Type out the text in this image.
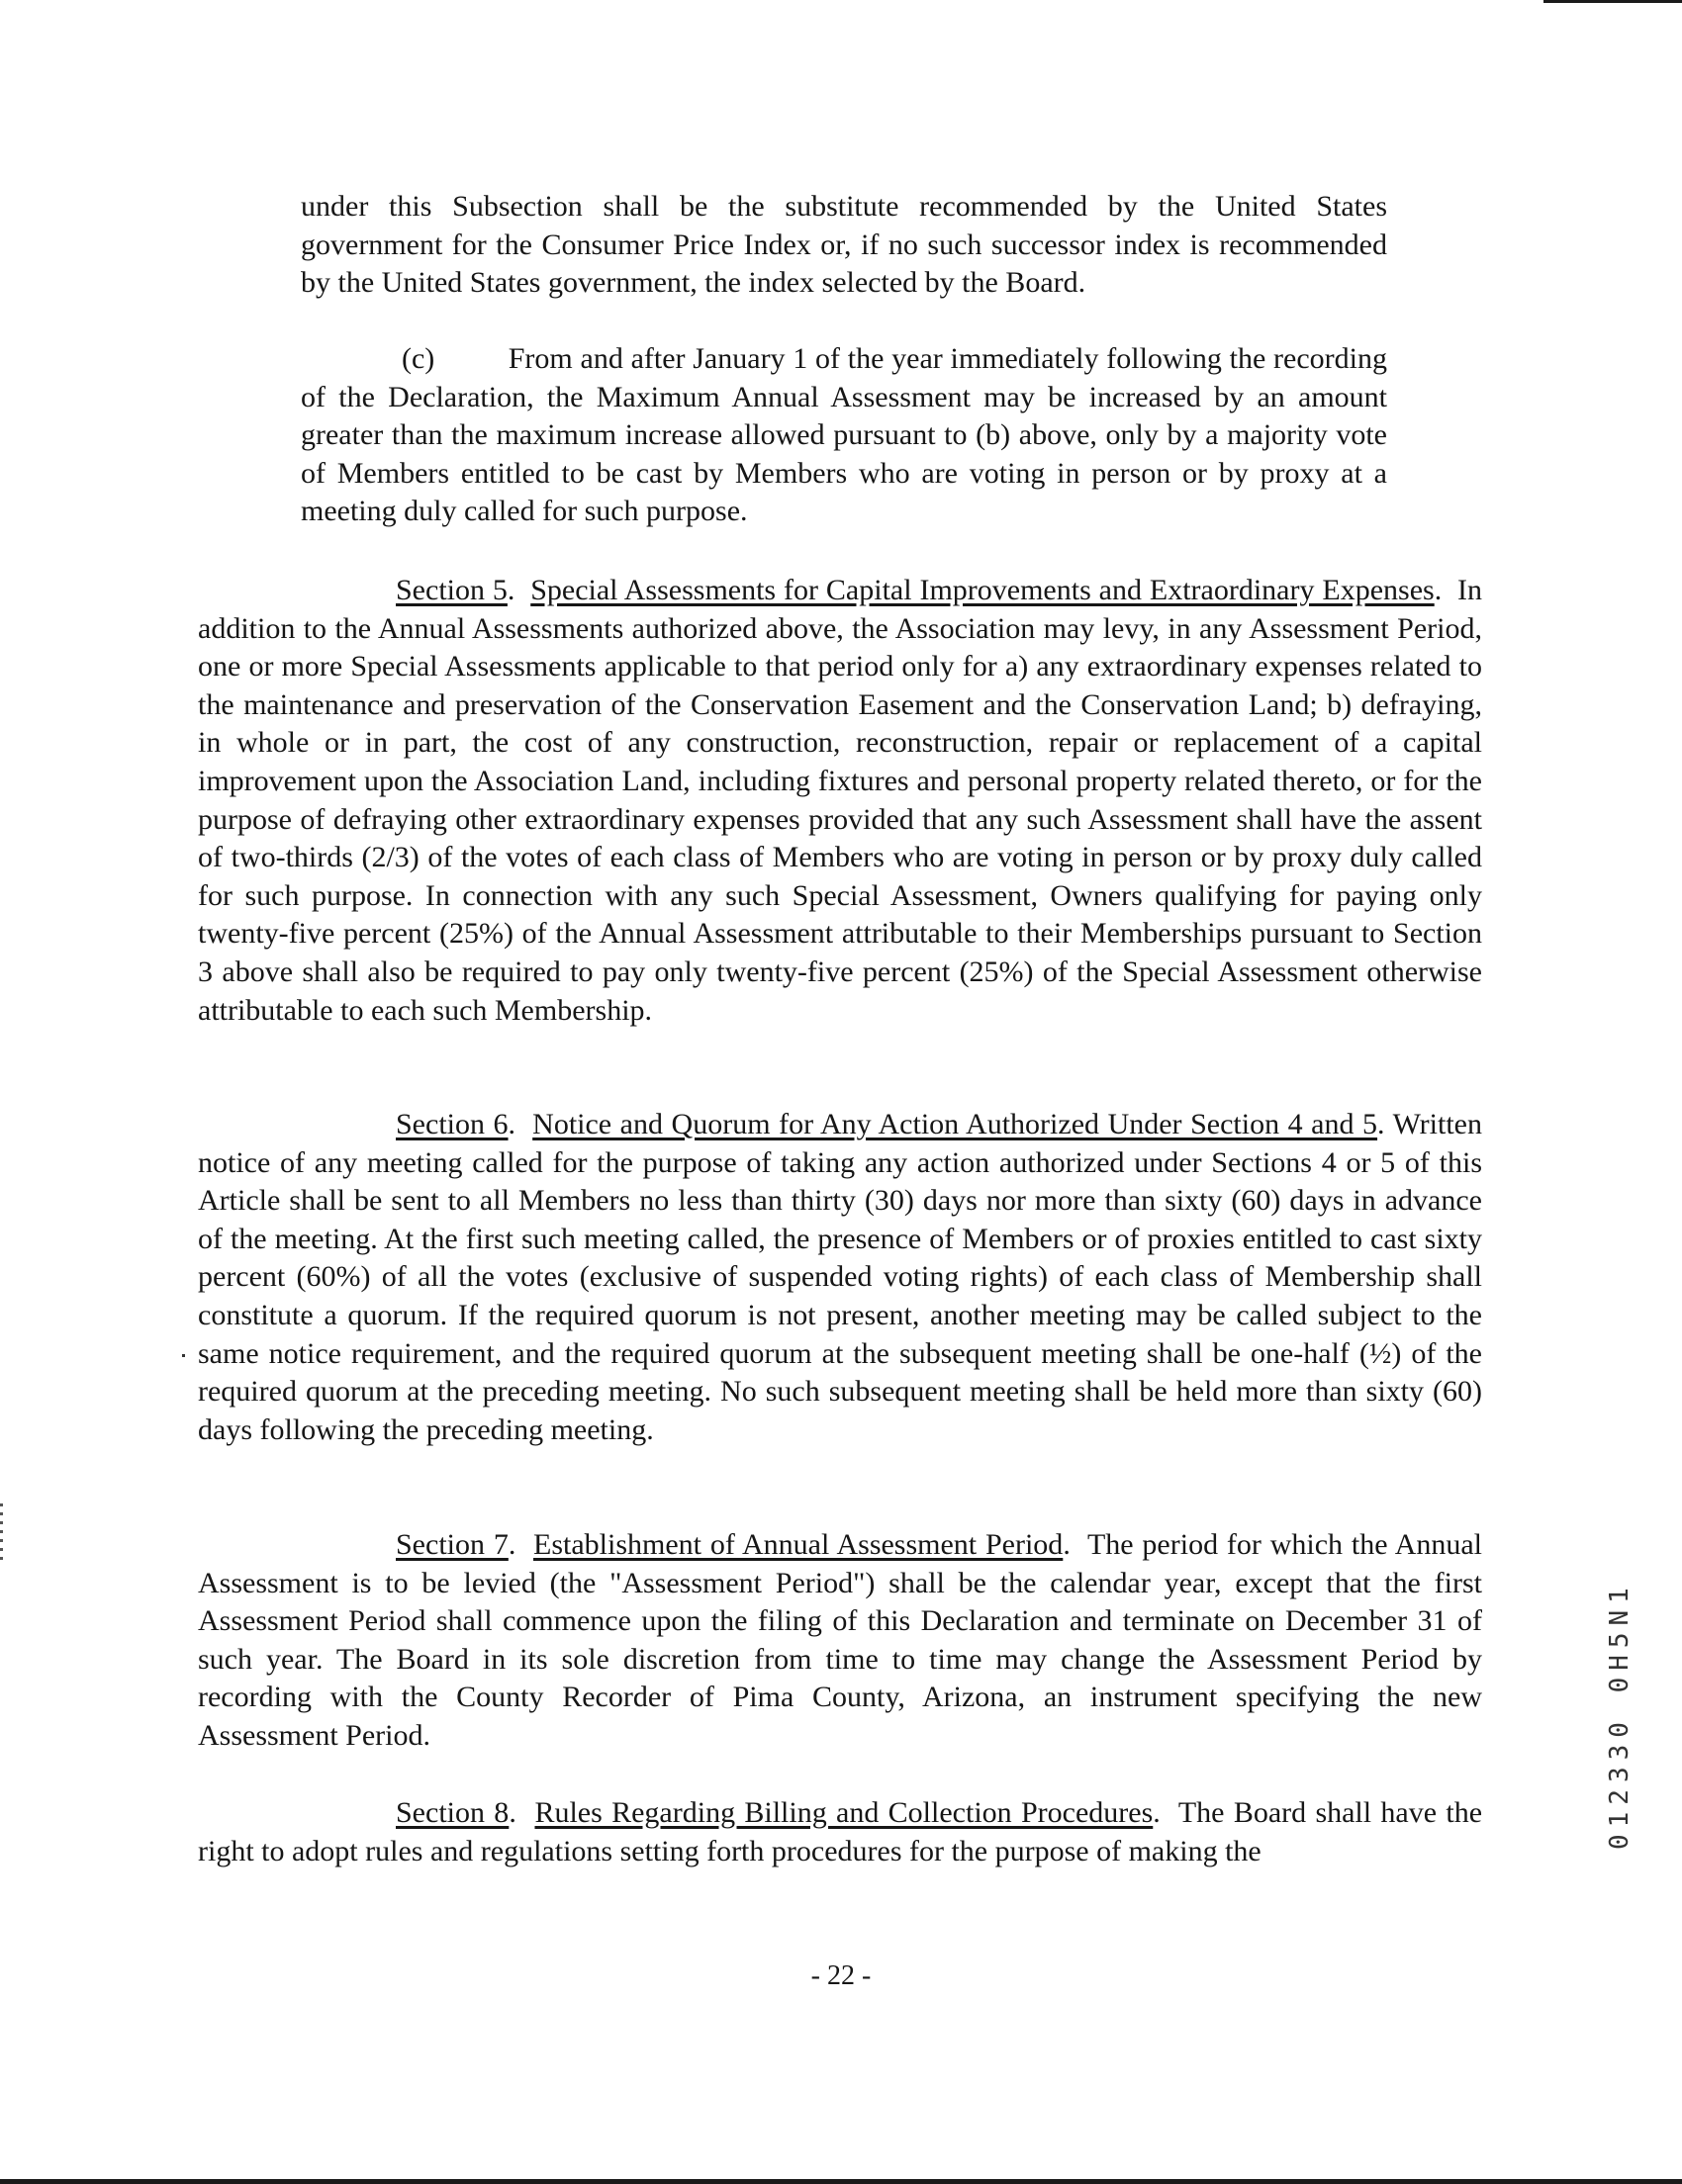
under this Subsection shall be the substitute recommended by the United States government for the Consumer Price Index or, if no such successor index is recommended by the United States government, the index selected by the Board.
(c) From and after January 1 of the year immediately following the recording of the Declaration, the Maximum Annual Assessment may be increased by an amount greater than the maximum increase allowed pursuant to (b) above, only by a majority vote of Members entitled to be cast by Members who are voting in person or by proxy at a meeting duly called for such purpose.
Section 5.  Special Assessments for Capital Improvements and Extraordinary Expenses.  In addition to the Annual Assessments authorized above, the Association may levy, in any Assessment Period, one or more Special Assessments applicable to that period only for a) any extraordinary expenses related to the maintenance and preservation of the Conservation Easement and the Conservation Land; b) defraying, in whole or in part, the cost of any construction, reconstruction, repair or replacement of a capital improvement upon the Association Land, including fixtures and personal property related thereto, or for the purpose of defraying other extraordinary expenses provided that any such Assessment shall have the assent of two-thirds (2/3) of the votes of each class of Members who are voting in person or by proxy duly called for such purpose. In connection with any such Special Assessment, Owners qualifying for paying only twenty-five percent (25%) of the Annual Assessment attributable to their Memberships pursuant to Section 3 above shall also be required to pay only twenty-five percent (25%) of the Special Assessment otherwise attributable to each such Membership.
Section 6.  Notice and Quorum for Any Action Authorized Under Section 4 and 5. Written notice of any meeting called for the purpose of taking any action authorized under Sections 4 or 5 of this Article shall be sent to all Members no less than thirty (30) days nor more than sixty (60) days in advance of the meeting. At the first such meeting called, the presence of Members or of proxies entitled to cast sixty percent (60%) of all the votes (exclusive of suspended voting rights) of each class of Membership shall constitute a quorum. If the required quorum is not present, another meeting may be called subject to the same notice requirement, and the required quorum at the subsequent meeting shall be one-half (½) of the required quorum at the preceding meeting. No such subsequent meeting shall be held more than sixty (60) days following the preceding meeting.
Section 7.  Establishment of Annual Assessment Period.  The period for which the Annual Assessment is to be levied (the "Assessment Period") shall be the calendar year, except that the first Assessment Period shall commence upon the filing of this Declaration and terminate on December 31 of such year. The Board in its sole discretion from time to time may change the Assessment Period by recording with the County Recorder of Pima County, Arizona, an instrument specifying the new Assessment Period.
Section 8.  Rules Regarding Billing and Collection Procedures.  The Board shall have the right to adopt rules and regulations setting forth procedures for the purpose of making the
- 22 -
012330 0H5N1
